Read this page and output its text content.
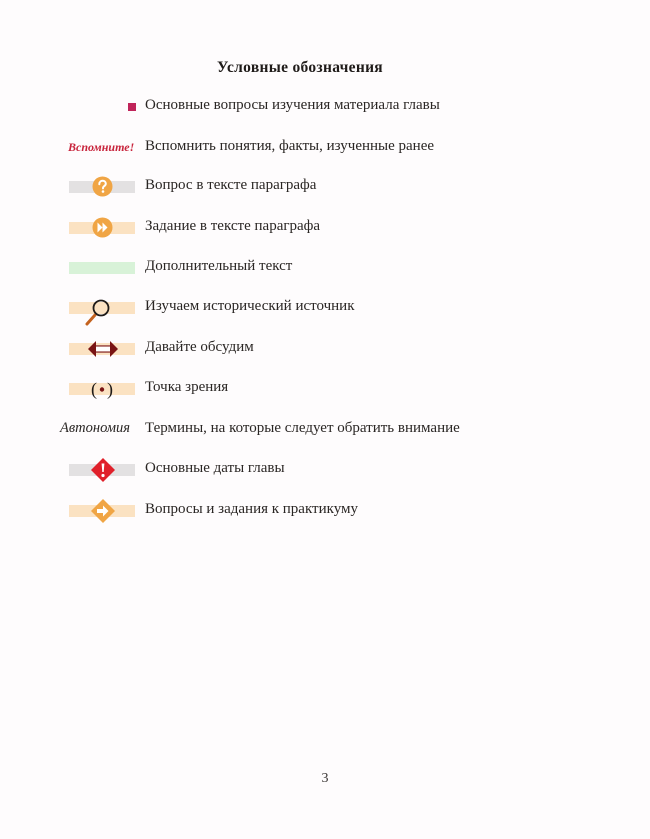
Условные обозначения
Основные вопросы изучения материала главы
Вспомните! Вспомнить понятия, факты, изученные ранее
Вопрос в тексте параграфа
Задание в тексте параграфа
Дополнительный текст
Изучаем исторический источник
Давайте обсудим
( ) Точка зрения
Автономия Термины, на которые следует обратить внимание
Основные даты главы
Вопросы и задания к практикуму
3
